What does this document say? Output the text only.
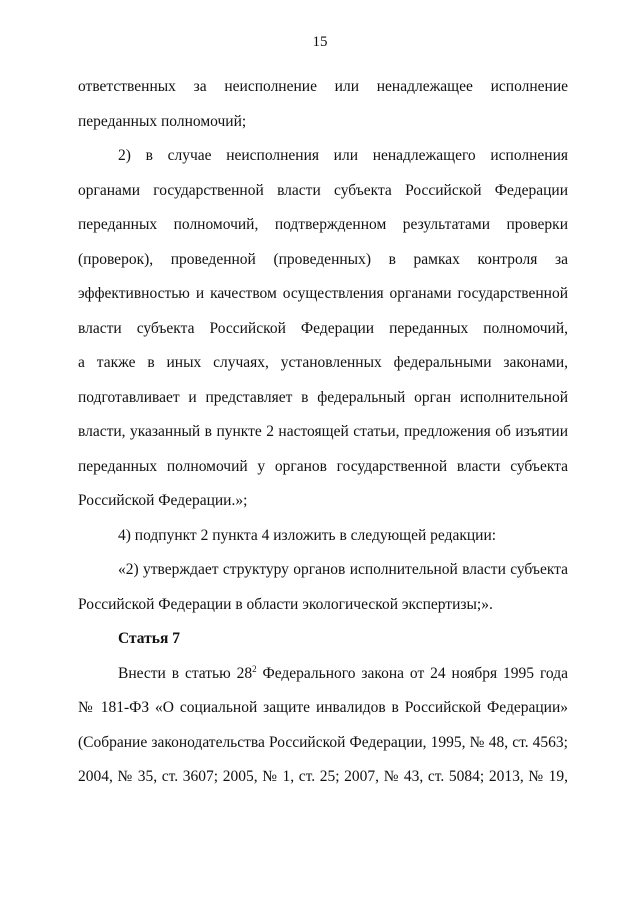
15
ответственных за неисполнение или ненадлежащее исполнение
переданных полномочий;
2) в случае неисполнения или ненадлежащего исполнения
органами государственной власти субъекта Российской Федерации
переданных полномочий, подтвержденном результатами проверки
(проверок), проведенной (проведенных) в рамках контроля за
эффективностью и качеством осуществления органами государственной
власти субъекта Российской Федерации переданных полномочий,
а также в иных случаях, установленных федеральными законами,
подготавливает и представляет в федеральный орган исполнительной
власти, указанный в пункте 2 настоящей статьи, предложения об изъятии
переданных полномочий у органов государственной власти субъекта
Российской Федерации.»;
4) подпункт 2 пункта 4 изложить в следующей редакции:
«2) утверждает структуру органов исполнительной власти субъекта
Российской Федерации в области экологической экспертизы;».
Статья 7
Внести в статью $28^2$ Федерального закона от 24 ноября 1995 года
№ 181-ФЗ «О социальной защите инвалидов в Российской Федерации»
(Собрание законодательства Российской Федерации, 1995, № 48, ст. 4563;
2004, № 35, ст. 3607; 2005, № 1, ст. 25; 2007, № 43, ст. 5084; 2013, № 19,
